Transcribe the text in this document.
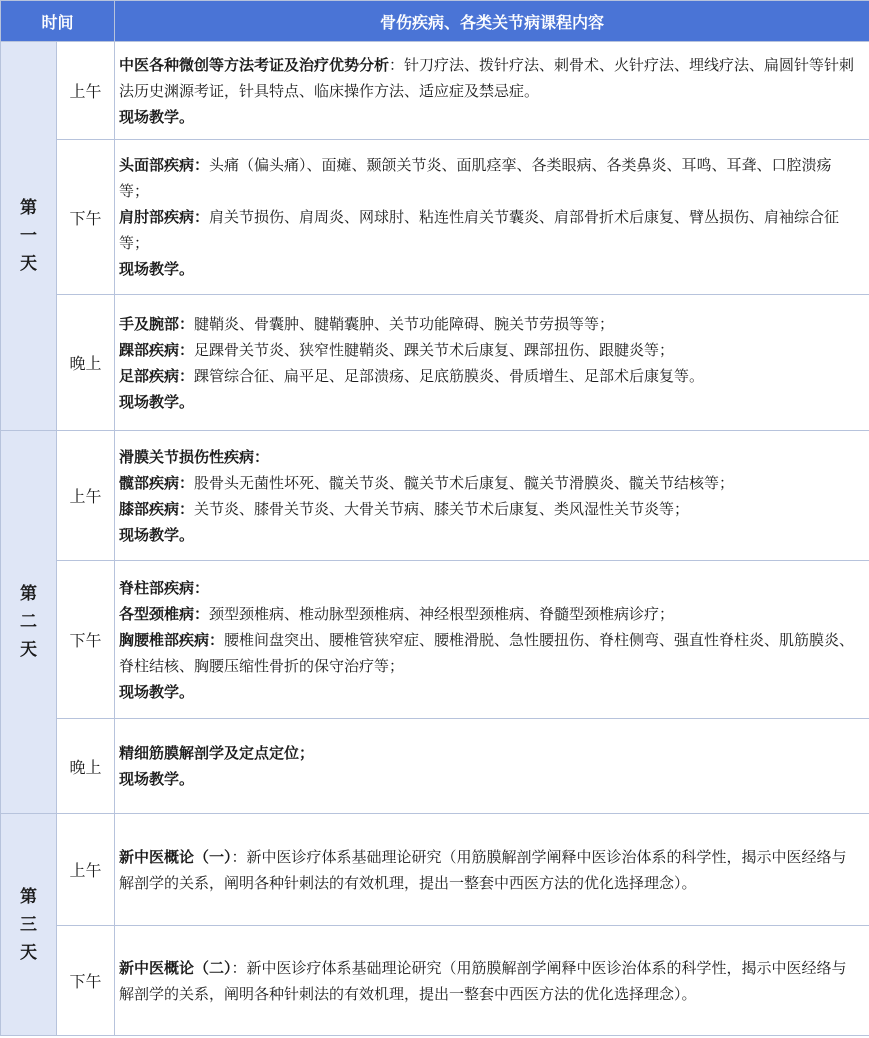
时间		骨伤疾病、各类关节病课程内容

第
一
天	上午	中医各种微创等方法考证及治疗优势分析：针刀疗法、拨针疗法、刺骨术、火针疗法、埋线疗法、扁圆针等针刺法历史渊源考证，针具特点、临床操作方法、适应症及禁忌症。
现场教学。

	下午	头面部疾病：头痛（偏头痛）、面瘫、颞颌关节炎、面肌痉挛、各类眼病、各类鼻炎、耳鸣、耳聋、口腔溃疡等；
肩肘部疾病：肩关节损伤、肩周炎、网球肘、粘连性肩关节囊炎、肩部骨折术后康复、臂丛损伤、肩袖综合征等；
现场教学。

	晚上	手及腕部：腱鞘炎、骨囊肿、腱鞘囊肿、关节功能障碍、腕关节劳损等等；
踝部疾病：足踝骨关节炎、狭窄性腱鞘炎、踝关节术后康复、踝部扭伤、跟腱炎等；
足部疾病：踝管综合征、扁平足、足部溃疡、足底筋膜炎、骨质增生、足部术后康复等。
现场教学。

第
二
天	上午	滑膜关节损伤性疾病：
髋部疾病：股骨头无菌性坏死、髋关节炎、髋关节术后康复、髋关节滑膜炎、髋关节结核等；
膝部疾病：关节炎、膝骨关节炎、大骨关节病、膝关节术后康复、类风湿性关节炎等；
现场教学。

	下午	脊柱部疾病：
各型颈椎病：颈型颈椎病、椎动脉型颈椎病、神经根型颈椎病、脊髓型颈椎病诊疗；
胸腰椎部疾病：腰椎间盘突出、腰椎管狭窄症、腰椎滑脱、急性腰扭伤、脊柱侧弯、强直性脊柱炎、肌筋膜炎、脊柱结核、胸腰压缩性骨折的保守治疗等；
现场教学。

	晚上	精细筋膜解剖学及定点定位；
现场教学。

第
三
天	上午	新中医概论（一）：新中医诊疗体系基础理论研究（用筋膜解剖学阐释中医诊治体系的科学性，揭示中医经络与解剖学的关系，阐明各种针刺法的有效机理，提出一整套中西医方法的优化选择理念）。

	下午	新中医概论（二）：新中医诊疗体系基础理论研究（用筋膜解剖学阐释中医诊治体系的科学性，揭示中医经络与解剖学的关系，阐明各种针刺法的有效机理，提出一整套中西医方法的优化选择理念）。
